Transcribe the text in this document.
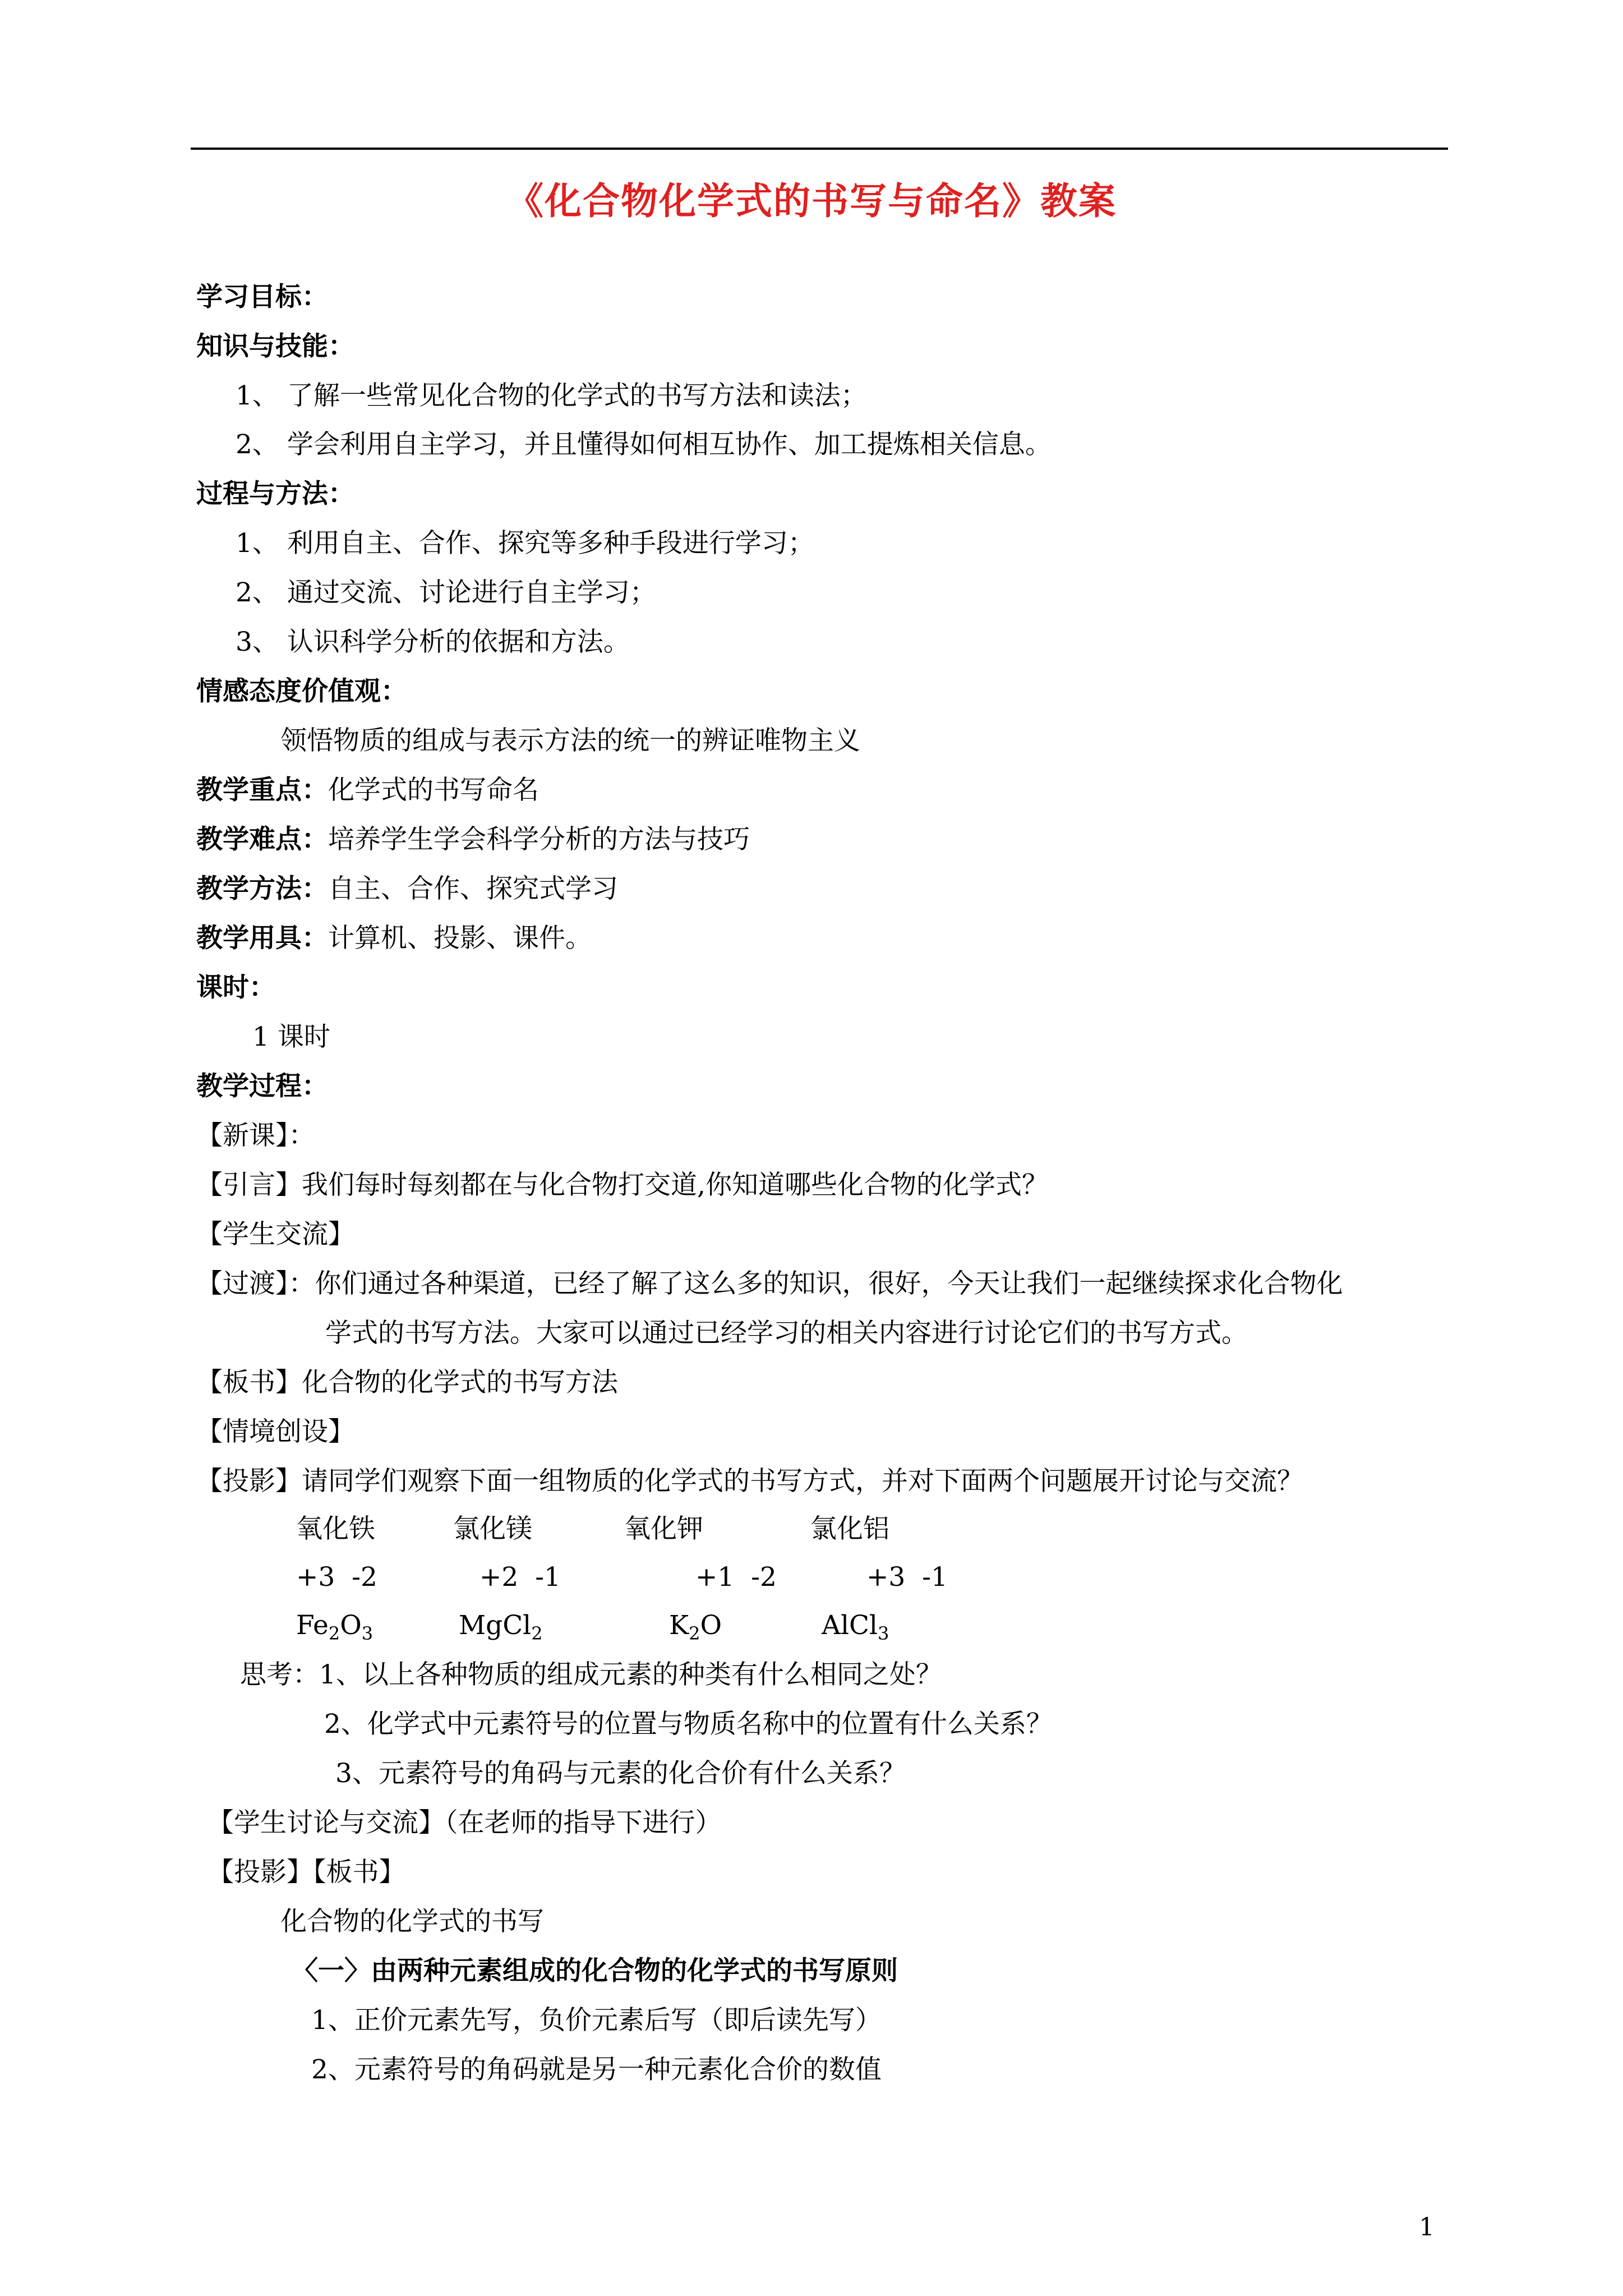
《化合物化学式的书写与命名》教案
学习目标：
知识与技能：
1、 了解一些常见化合物的化学式的书写方法和读法；
2、 学会利用自主学习，并且懂得如何相互协作、加工提炼相关信息。
过程与方法：
1、 利用自主、合作、探究等多种手段进行学习；
2、 通过交流、讨论进行自主学习；
3、 认识科学分析的依据和方法。
情感态度价值观：
领悟物质的组成与表示方法的统一的辨证唯物主义
教学重点：化学式的书写命名
教学难点：培养学生学会科学分析的方法与技巧
教学方法：自主、合作、探究式学习
教学用具：计算机、投影、课件。
课时：
1 课时
教学过程：
【新课】：
【引言】我们每时每刻都在与化合物打交道,你知道哪些化合物的化学式？
【学生交流】
【过渡】：你们通过各种渠道，已经了解了这么多的知识，很好，今天让我们一起继续探求化合物化
学式的书写方法。大家可以通过已经学习的相关内容进行讨论它们的书写方式。
【板书】化合物的化学式的书写方法
【情境创设】
【投影】请同学们观察下面一组物质的化学式的书写方式，并对下面两个问题展开讨论与交流？
氧化铁	氯化镁	氧化钾	氯化铝
+3  -2	+2  -1	+1  -2	+3  -1
$Fe_2O_3$	MgCl$_2$	$K_2O$	AlCl$_3$
思考：1、以上各种物质的组成元素的种类有什么相同之处？
2、化学式中元素符号的位置与物质名称中的位置有什么关系？
3、元素符号的角码与元素的化合价有什么关系？
【学生讨论与交流】（在老师的指导下进行）
【投影】【板书】
化合物的化学式的书写
〈一〉由两种元素组成的化合物的化学式的书写原则
1、正价元素先写，负价元素后写（即后读先写）
2、元素符号的角码就是另一种元素化合价的数值
1
